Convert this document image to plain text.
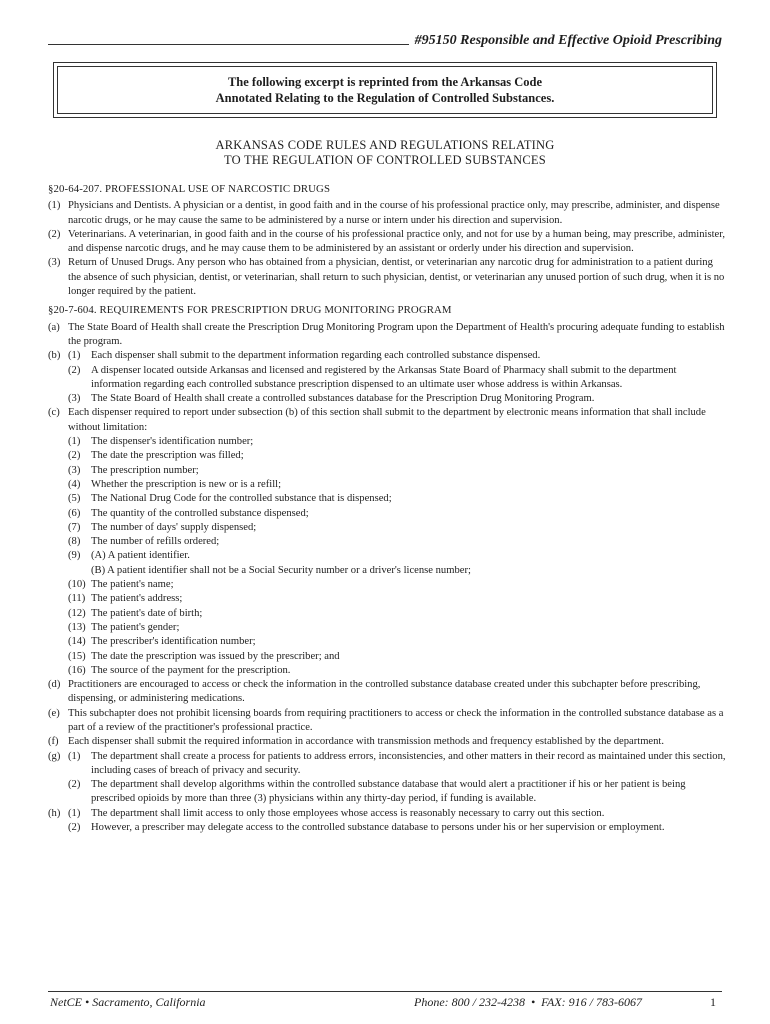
#95150 Responsible and Effective Opioid Prescribing
The following excerpt is reprinted from the Arkansas Code
Annotated Relating to the Regulation of Controlled Substances.
ARKANSAS CODE RULES AND REGULATIONS RELATING
TO THE REGULATION OF CONTROLLED SUBSTANCES
§20-64-207. PROFESSIONAL USE OF NARCOSTIC DRUGS
(1) Physicians and Dentists. A physician or a dentist, in good faith and in the course of his professional practice only, may prescribe, administer, and dispense narcotic drugs, or he may cause the same to be administered by a nurse or intern under his direction and supervision.
(2) Veterinarians. A veterinarian, in good faith and in the course of his professional practice only, and not for use by a human being, may prescribe, administer, and dispense narcotic drugs, and he may cause them to be administered by an assistant or orderly under his direction and supervision.
(3) Return of Unused Drugs. Any person who has obtained from a physician, dentist, or veterinarian any narcotic drug for administration to a patient during the absence of such physician, dentist, or veterinarian, shall return to such physician, dentist, or veterinarian any unused portion of such drug, when it is no longer required by the patient.
§20-7-604. REQUIREMENTS FOR PRESCRIPTION DRUG MONITORING PROGRAM
(a) The State Board of Health shall create the Prescription Drug Monitoring Program upon the Department of Health's procuring adequate funding to establish the program.
(b) (1)	Each dispenser shall submit to the department information regarding each controlled substance dispensed.
(2)	A dispenser located outside Arkansas and licensed and registered by the Arkansas State Board of Pharmacy shall submit to the department information regarding each controlled substance prescription dispensed to an ultimate user whose address is within Arkansas.
(3)	The State Board of Health shall create a controlled substances database for the Prescription Drug Monitoring Program.
(c) Each dispenser required to report under subsection (b) of this section shall submit to the department by electronic means information that shall include without limitation:
(1)	The dispenser's identification number;
(2)	The date the prescription was filled;
(3)	The prescription number;
(4)	Whether the prescription is new or is a refill;
(5)	The National Drug Code for the controlled substance that is dispensed;
(6)	The quantity of the controlled substance dispensed;
(7)	The number of days' supply dispensed;
(8)	The number of refills ordered;
(9)	(A) A patient identifier.
(B) A patient identifier shall not be a Social Security number or a driver's license number;
(10) The patient's name;
(11) The patient's address;
(12) The patient's date of birth;
(13) The patient's gender;
(14) The prescriber's identification number;
(15) The date the prescription was issued by the prescriber; and
(16) The source of the payment for the prescription.
(d) Practitioners are encouraged to access or check the information in the controlled substance database created under this subchapter before prescribing, dispensing, or administering medications.
(e) This subchapter does not prohibit licensing boards from requiring practitioners to access or check the information in the controlled substance database as a part of a review of the practitioner's professional practice.
(f) Each dispenser shall submit the required information in accordance with transmission methods and frequency established by the department.
(g) (1)	The department shall create a process for patients to address errors, inconsistencies, and other matters in their record as maintained under this section, including cases of breach of privacy and security.
(2)	The department shall develop algorithms within the controlled substance database that would alert a practitioner if his or her patient is being prescribed opioids by more than three (3) physicians within any thirty-day period, if funding is available.
(h) (1)	The department shall limit access to only those employees whose access is reasonably necessary to carry out this section.
(2)	However, a prescriber may delegate access to the controlled substance database to persons under his or her supervision or employment.
NetCE • Sacramento, California	Phone: 800 / 232-4238  •  FAX: 916 / 783-6067	1
